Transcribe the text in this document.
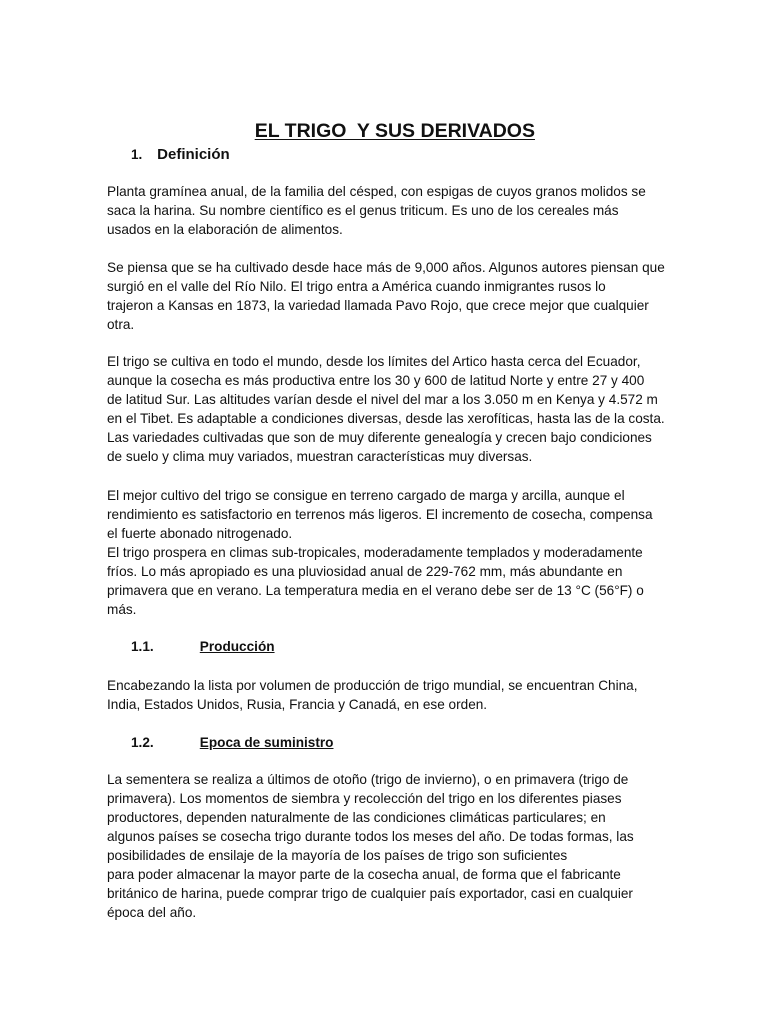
EL TRIGO  Y SUS DERIVADOS

1. Definición

Planta gramínea anual, de la familia del césped, con espigas de cuyos granos molidos se
saca la harina. Su nombre científico es el genus triticum. Es uno de los cereales más
usados en la elaboración de alimentos.

Se piensa que se ha cultivado desde hace más de 9,000 años. Algunos autores piensan que
surgió en el valle del Río Nilo. El trigo entra a América cuando inmigrantes rusos lo
trajeron a Kansas en 1873, la variedad llamada Pavo Rojo, que crece mejor que cualquier
otra.

El trigo se cultiva en todo el mundo, desde los límites del Artico hasta cerca del Ecuador,
aunque la cosecha es más productiva entre los 30 y 600 de latitud Norte y entre 27 y 400
de latitud Sur. Las altitudes varían desde el nivel del mar a los 3.050 m en Kenya y 4.572 m
en el Tibet. Es adaptable a condiciones diversas, desde las xerofíticas, hasta las de la costa.
Las variedades cultivadas que son de muy diferente genealogía y crecen bajo condiciones
de suelo y clima muy variados, muestran características muy diversas.

El mejor cultivo del trigo se consigue en terreno cargado de marga y arcilla, aunque el
rendimiento es satisfactorio en terrenos más ligeros. El incremento de cosecha, compensa
el fuerte abonado nitrogenado.
El trigo prospera en climas sub-tropicales, moderadamente templados y moderadamente
fríos. Lo más apropiado es una pluviosidad anual de 229-762 mm, más abundante en
primavera que en verano. La temperatura media en el verano debe ser de 13 °C (56°F) o
más.

1.1.	Producción

Encabezando la lista por volumen de producción de trigo mundial, se encuentran China,
India, Estados Unidos, Rusia, Francia y Canadá, en ese orden.

1.2.	Epoca de suministro

La sementera se realiza a últimos de otoño (trigo de invierno), o en primavera (trigo de
primavera). Los momentos de siembra y recolección del trigo en los diferentes piases
productores, dependen naturalmente de las condiciones climáticas particulares; en
algunos países se cosecha trigo durante todos los meses del año. De todas formas, las
posibilidades de ensilaje de la mayoría de los países de trigo son suficientes
para poder almacenar la mayor parte de la cosecha anual, de forma que el fabricante
británico de harina, puede comprar trigo de cualquier país exportador, casi en cualquier
época del año.
